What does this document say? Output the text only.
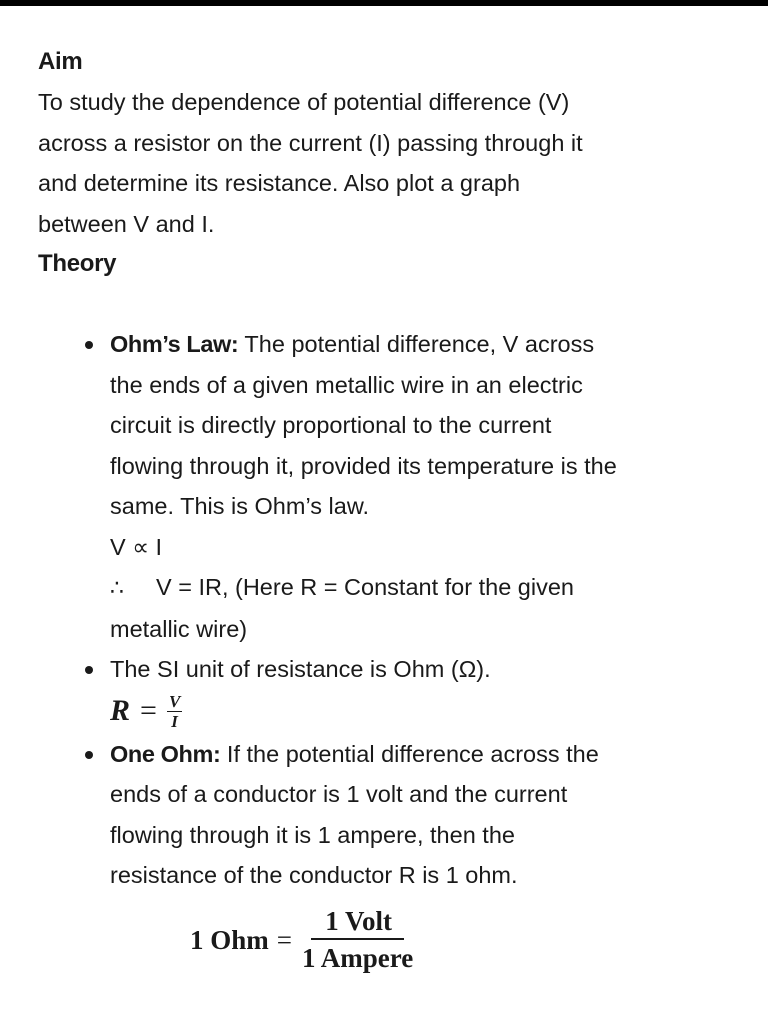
Aim

To study the dependence of potential difference (V)
across a resistor on the current (I) passing through it
and determine its resistance. Also plot a graph
between V and I.

Theory
Ohm’s Law: The potential difference, V across
the ends of a given metallic wire in an electric
circuit is directly proportional to the current
flowing through it, provided its temperature is the
same. This is Ohm’s law.
V ∝ I
∴ V = IR, (Here R = Constant for the given
metallic wire)
The SI unit of resistance is Ohm (Ω).
$R = \frac{V}{I}$
One Ohm: If the potential difference across the
ends of a conductor is 1 volt and the current
flowing through it is 1 ampere, then the
resistance of the conductor R is 1 ohm.
1 Ohm = $\frac{\text{1 Volt}}{\text{1 Ampere}}$
